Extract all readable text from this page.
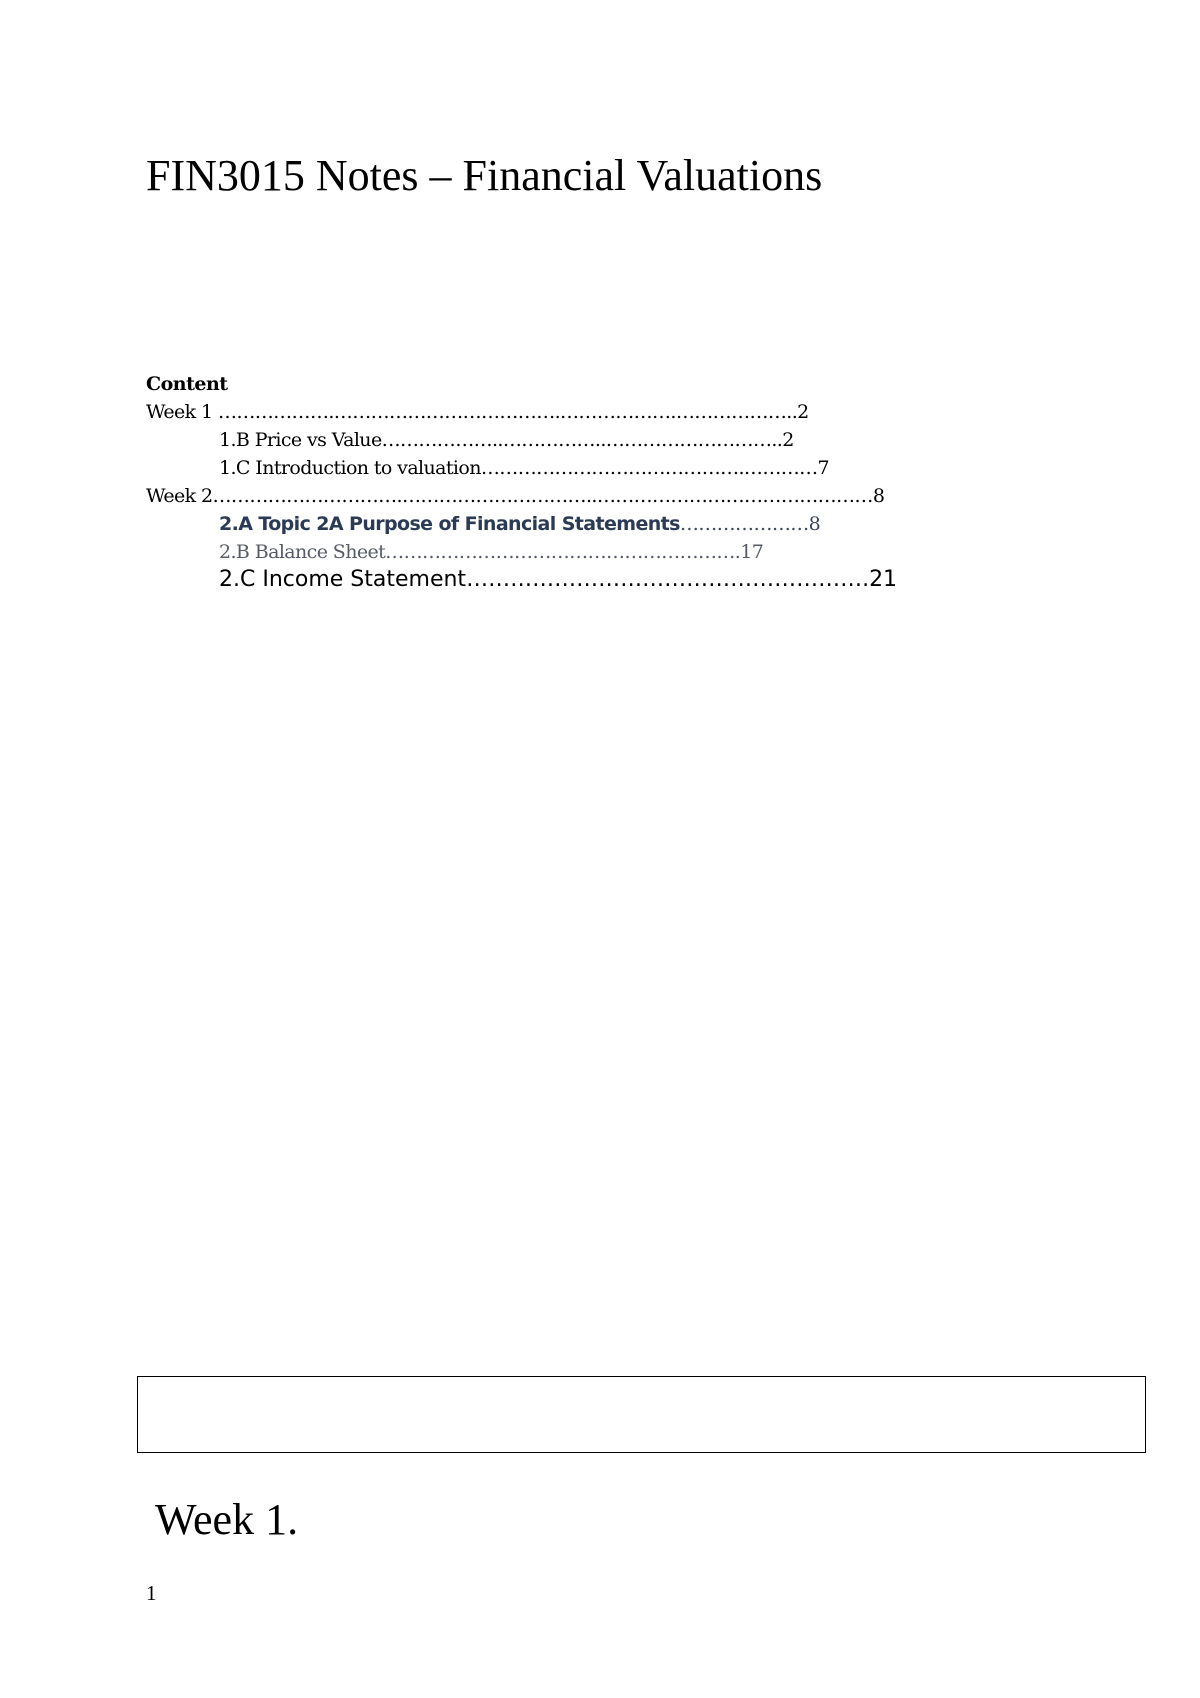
FIN3015 Notes – Financial Valuations
Content
Week 1 ……………….……………………………….……………….………………..2
1.B Price vs Value………………..……………..………………………..2
1.C Introduction to valuation…………………………………….…………7
Week 2………………………….…………………………..………………………………………8
2.A Topic 2A Purpose of Financial Statements…………………8
2.B Balance Sheet………………………………………………….17
2.C Income Statement……………………………………………….21
Week 1.
1
